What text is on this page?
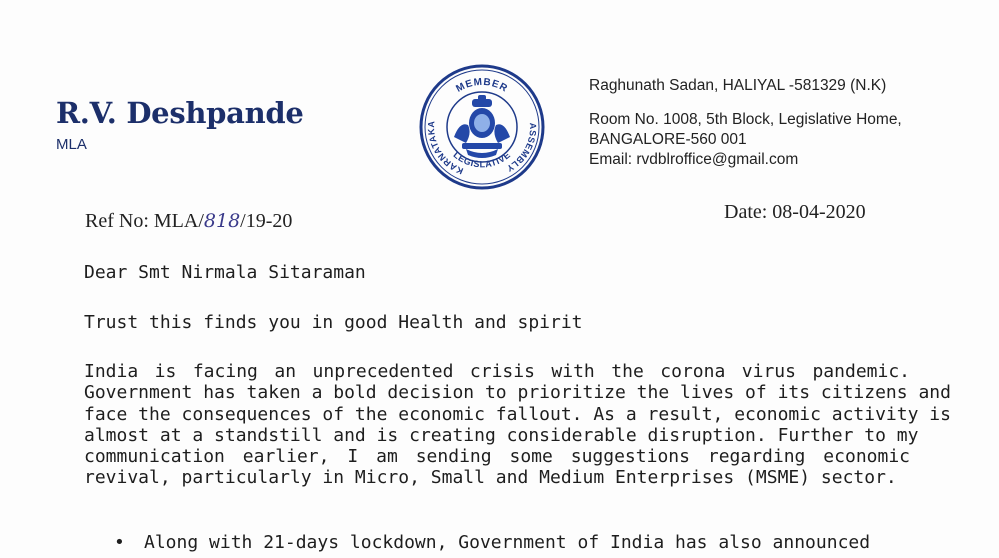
R.V. Deshpande
MLA
MEMBER
KARNATAKA
LEGISLATIVE
ASSEMBLY
Raghunath Sadan, HALIYAL -581329 (N.K)
Room No. 1008, 5th Block, Legislative Home,
BANGALORE-560 001
Email: rvdblroffice@gmail.com
Ref No: MLA/818/19-20	Date: 08-04-2020

Dear Smt Nirmala Sitaraman

Trust this finds you in good Health and spirit

India is facing an unprecedented crisis with the corona virus pandemic.
Government has taken a bold decision to prioritize the lives of its citizens and
face the consequences of the economic fallout. As a result, economic activity is
almost at a standstill and is creating considerable disruption. Further to my
communication earlier, I am sending some suggestions regarding economic
revival, particularly in Micro, Small and Medium Enterprises (MSME) sector.

• Along with 21-days lockdown, Government of India has also announced
